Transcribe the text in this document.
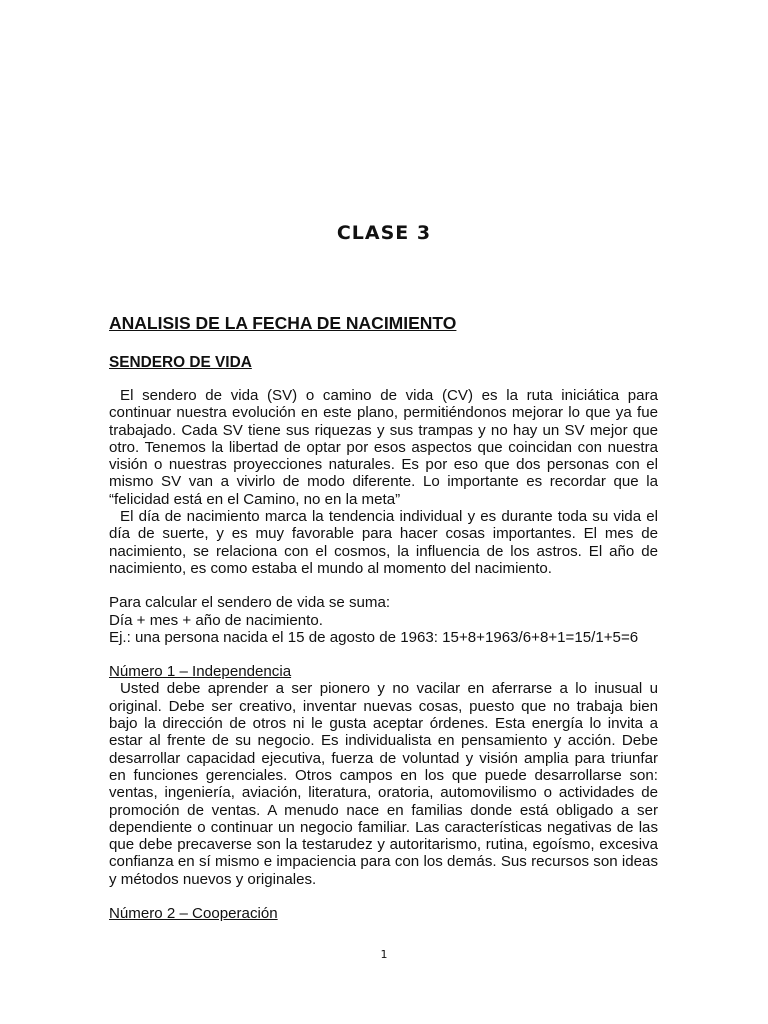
CLASE 3
ANALISIS DE LA FECHA DE NACIMIENTO
SENDERO DE VIDA

El sendero de vida (SV) o camino de vida (CV) es la ruta iniciática para continuar nuestra evolución en este plano, permitiéndonos mejorar lo que ya fue trabajado. Cada SV tiene sus riquezas y sus trampas y no hay un SV mejor que otro. Tenemos la libertad de optar por esos aspectos que coincidan con nuestra visión o nuestras proyecciones naturales. Es por eso que dos personas con el mismo SV van a vivirlo de modo diferente. Lo importante es recordar que la “felicidad está en el Camino, no en la meta”

El día de nacimiento marca la tendencia individual y es durante toda su vida el día de suerte, y es muy favorable para hacer cosas importantes. El mes de nacimiento, se relaciona con el cosmos, la influencia de los astros. El año de nacimiento, es como estaba el mundo al momento del nacimiento.

Para calcular el sendero de vida se suma:

Día + mes + año de nacimiento.

Ej.: una persona nacida el 15 de agosto de 1963: 15+8+1963/6+8+1=15/1+5=6

Número 1 – Independencia

Usted debe aprender a ser pionero y no vacilar en aferrarse a lo inusual u original. Debe ser creativo, inventar nuevas cosas, puesto que no trabaja bien bajo la dirección de otros ni le gusta aceptar órdenes. Esta energía lo invita a estar al frente de su negocio. Es individualista en pensamiento y acción. Debe desarrollar capacidad ejecutiva, fuerza de voluntad y visión amplia para triunfar en funciones gerenciales. Otros campos en los que puede desarrollarse son: ventas, ingeniería, aviación, literatura, oratoria, automovilismo o actividades de promoción de ventas. A menudo nace en familias donde está obligado a ser dependiente o continuar un negocio familiar. Las características negativas de las que debe precaverse son la testarudez y autoritarismo, rutina, egoísmo, excesiva confianza en sí mismo e impaciencia para con los demás. Sus recursos son ideas y métodos nuevos y originales.

Número 2 – Cooperación

1
